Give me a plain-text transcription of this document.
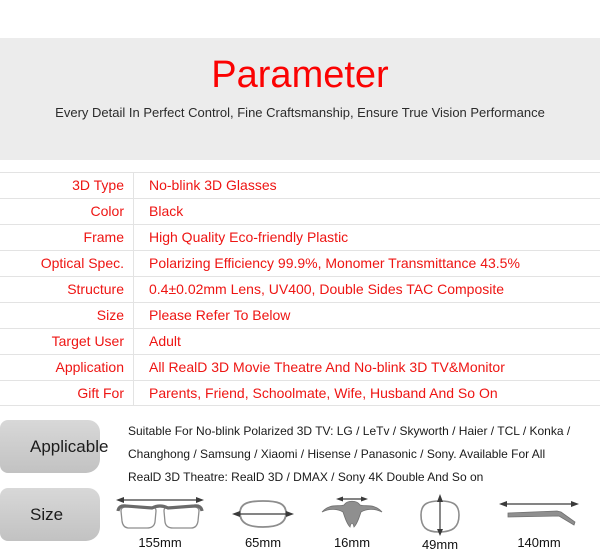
Parameter

Every Detail In Perfect Control, Fine Craftsmanship, Ensure True Vision Performance

3D Type	No-blink 3D Glasses
Color	Black
Frame	High Quality Eco-friendly Plastic
Optical Spec.	Polarizing Efficiency 99.9%, Monomer Transmittance 43.5%
Structure	0.4±0.02mm Lens, UV400, Double Sides TAC Composite
Size	Please Refer To Below
Target User	Adult
Application	All RealD 3D Movie Theatre And No-blink 3D TV&Monitor
Gift For	Parents, Friend, Schoolmate, Wife, Husband And So On
Applicable
Suitable For No-blink Polarized 3D TV: LG / LeTv / Skyworth / Haier / TCL / Konka /
Changhong / Samsung / Xiaomi / Hisense / Panasonic / Sony. Available For All
RealD 3D Theatre: RealD 3D / DMAX / Sony 4K Double And So on
Size
155mm	65mm	16mm	49mm	140mm
